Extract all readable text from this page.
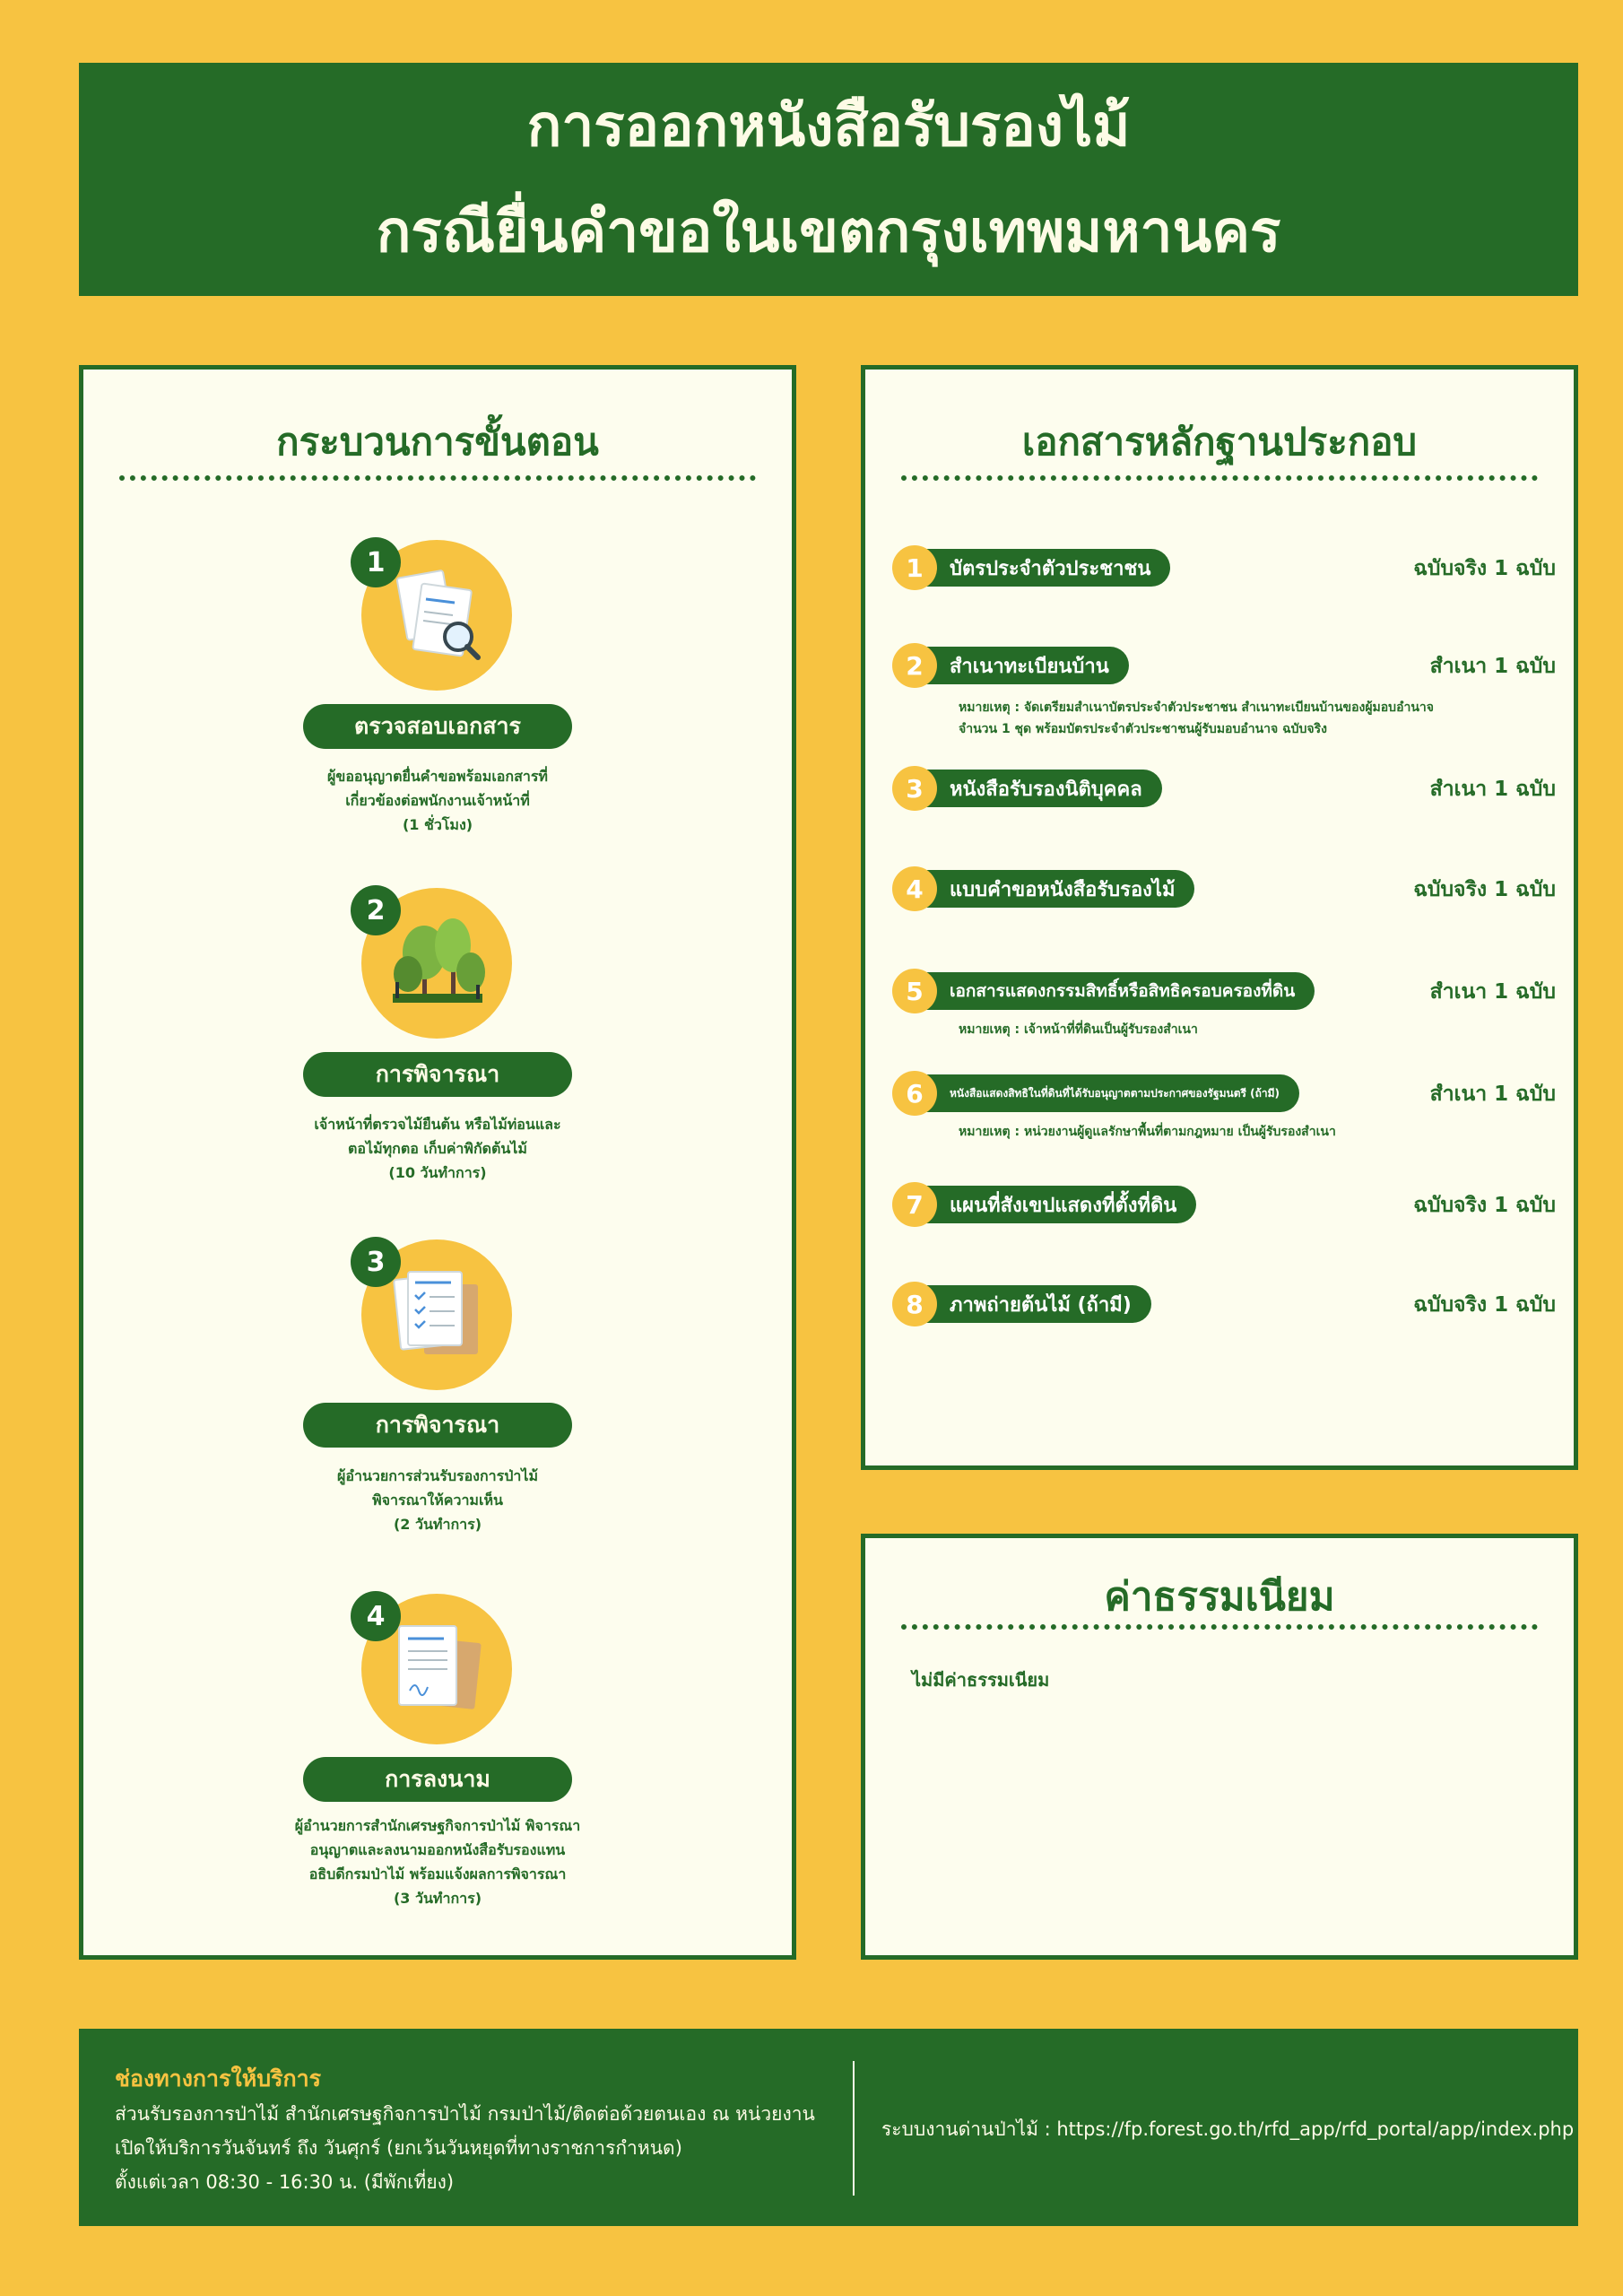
การออกหนังสือรับรองไม้
กรณียื่นคำขอในเขตกรุงเทพมหานคร
กระบวนการขั้นตอน
1
ตรวจสอบเอกสาร
ผู้ขออนุญาตยื่นคำขอพร้อมเอกสารที่
เกี่ยวข้องต่อพนักงานเจ้าหน้าที่
(1 ชั่วโมง)
2
การพิจารณา
เจ้าหน้าที่ตรวจไม้ยืนต้น หรือไม้ท่อนและ
ตอไม้ทุกตอ เก็บค่าพิกัดต้นไม้
(10 วันทำการ)
3
การพิจารณา
ผู้อำนวยการส่วนรับรองการป่าไม้
พิจารณาให้ความเห็น
(2 วันทำการ)
4
การลงนาม
ผู้อำนวยการสำนักเศรษฐกิจการป่าไม้ พิจารณา
อนุญาตและลงนามออกหนังสือรับรองแทน
อธิบดีกรมป่าไม้ พร้อมแจ้งผลการพิจารณา
(3 วันทำการ)
เอกสารหลักฐานประกอบ
1	บัตรประจำตัวประชาชน	ฉบับจริง 1 ฉบับ
2	สำเนาทะเบียนบ้าน	สำเนา 1 ฉบับ
หมายเหตุ : จัดเตรียมสำเนาบัตรประจำตัวประชาชน สำเนาทะเบียนบ้านของผู้มอบอำนาจ
จำนวน 1 ชุด พร้อมบัตรประจำตัวประชาชนผู้รับมอบอำนาจ ฉบับจริง
3	หนังสือรับรองนิติบุคคล	สำเนา 1 ฉบับ
4	แบบคำขอหนังสือรับรองไม้	ฉบับจริง 1 ฉบับ
5	เอกสารแสดงกรรมสิทธิ์หรือสิทธิครอบครองที่ดิน	สำเนา 1 ฉบับ
หมายเหตุ : เจ้าหน้าที่ที่ดินเป็นผู้รับรองสำเนา
6	หนังสือแสดงสิทธิในที่ดินที่ได้รับอนุญาตตามประกาศของรัฐมนตรี (ถ้ามี)	สำเนา 1 ฉบับ
หมายเหตุ : หน่วยงานผู้ดูแลรักษาพื้นที่ตามกฎหมาย เป็นผู้รับรองสำเนา
7	แผนที่สังเขปแสดงที่ตั้งที่ดิน	ฉบับจริง 1 ฉบับ
8	ภาพถ่ายต้นไม้ (ถ้ามี)	ฉบับจริง 1 ฉบับ
ค่าธรรมเนียม
ไม่มีค่าธรรมเนียม
ช่องทางการให้บริการ
ส่วนรับรองการป่าไม้ สำนักเศรษฐกิจการป่าไม้ กรมป่าไม้/ติดต่อด้วยตนเอง ณ หน่วยงาน
เปิดให้บริการวันจันทร์ ถึง วันศุกร์ (ยกเว้นวันหยุดที่ทางราชการกำหนด)
ตั้งแต่เวลา 08:30 - 16:30 น. (มีพักเที่ยง)
ระบบงานด่านป่าไม้ : https://fp.forest.go.th/rfd_app/rfd_portal/app/index.php
